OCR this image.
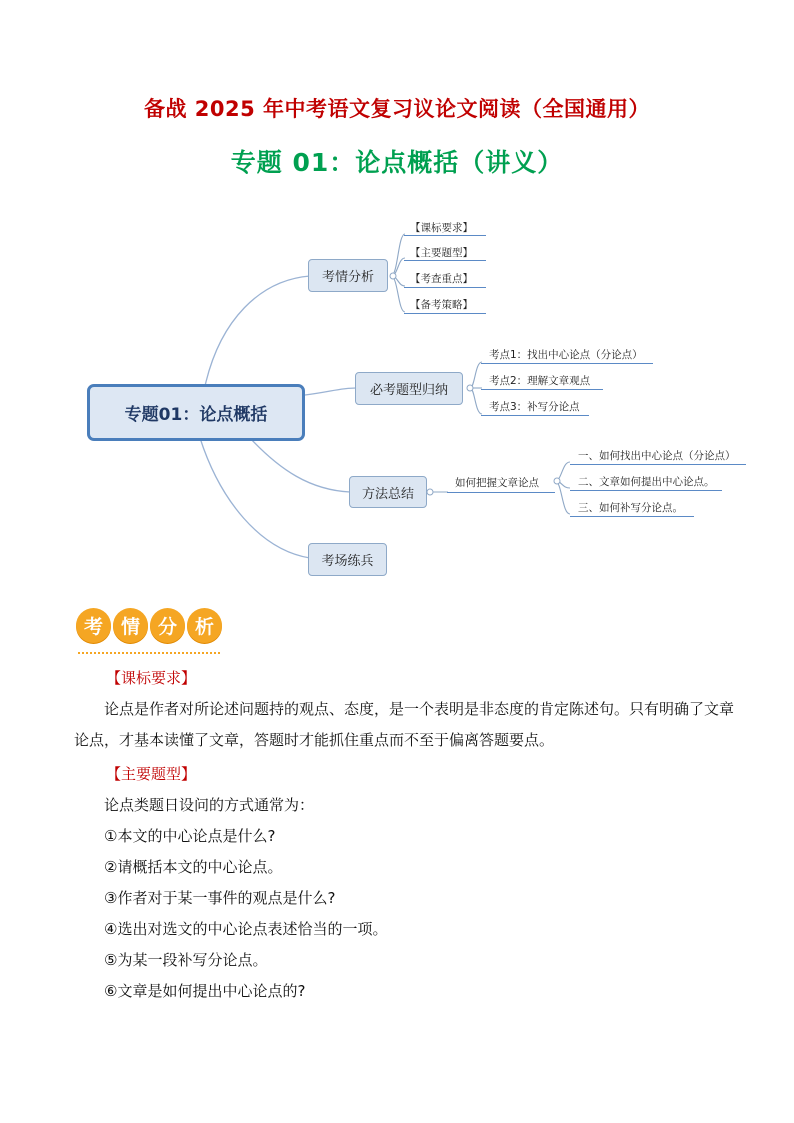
备战 2025 年中考语文复习议论文阅读（全国通用）
专题 01：论点概括（讲义）
专题01：论点概括
考情分析
必考题型归纳
方法总结
考场练兵
【课标要求】
【主要题型】
【考查重点】
【备考策略】
考点1：找出中心论点（分论点）
考点2：理解文章观点
考点3：补写分论点
如何把握文章论点
一、如何找出中心论点（分论点）
二、文章如何提出中心论点。
三、如何补写分论点。
考 情 分 析
【课标要求】
论点是作者对所论述问题持的观点、态度，是一个表明是非态度的肯定陈述句。只有明确了文章论点，才基本读懂了文章，答题时才能抓住重点而不至于偏离答题要点。
【主要题型】
论点类题日设问的方式通常为：
①本文的中心论点是什么?
②请概括本文的中心论点。
③作者对于某一事件的观点是什么?
④选出对选文的中心论点表述恰当的一项。
⑤为某一段补写分论点。
⑥文章是如何提出中心论点的?
